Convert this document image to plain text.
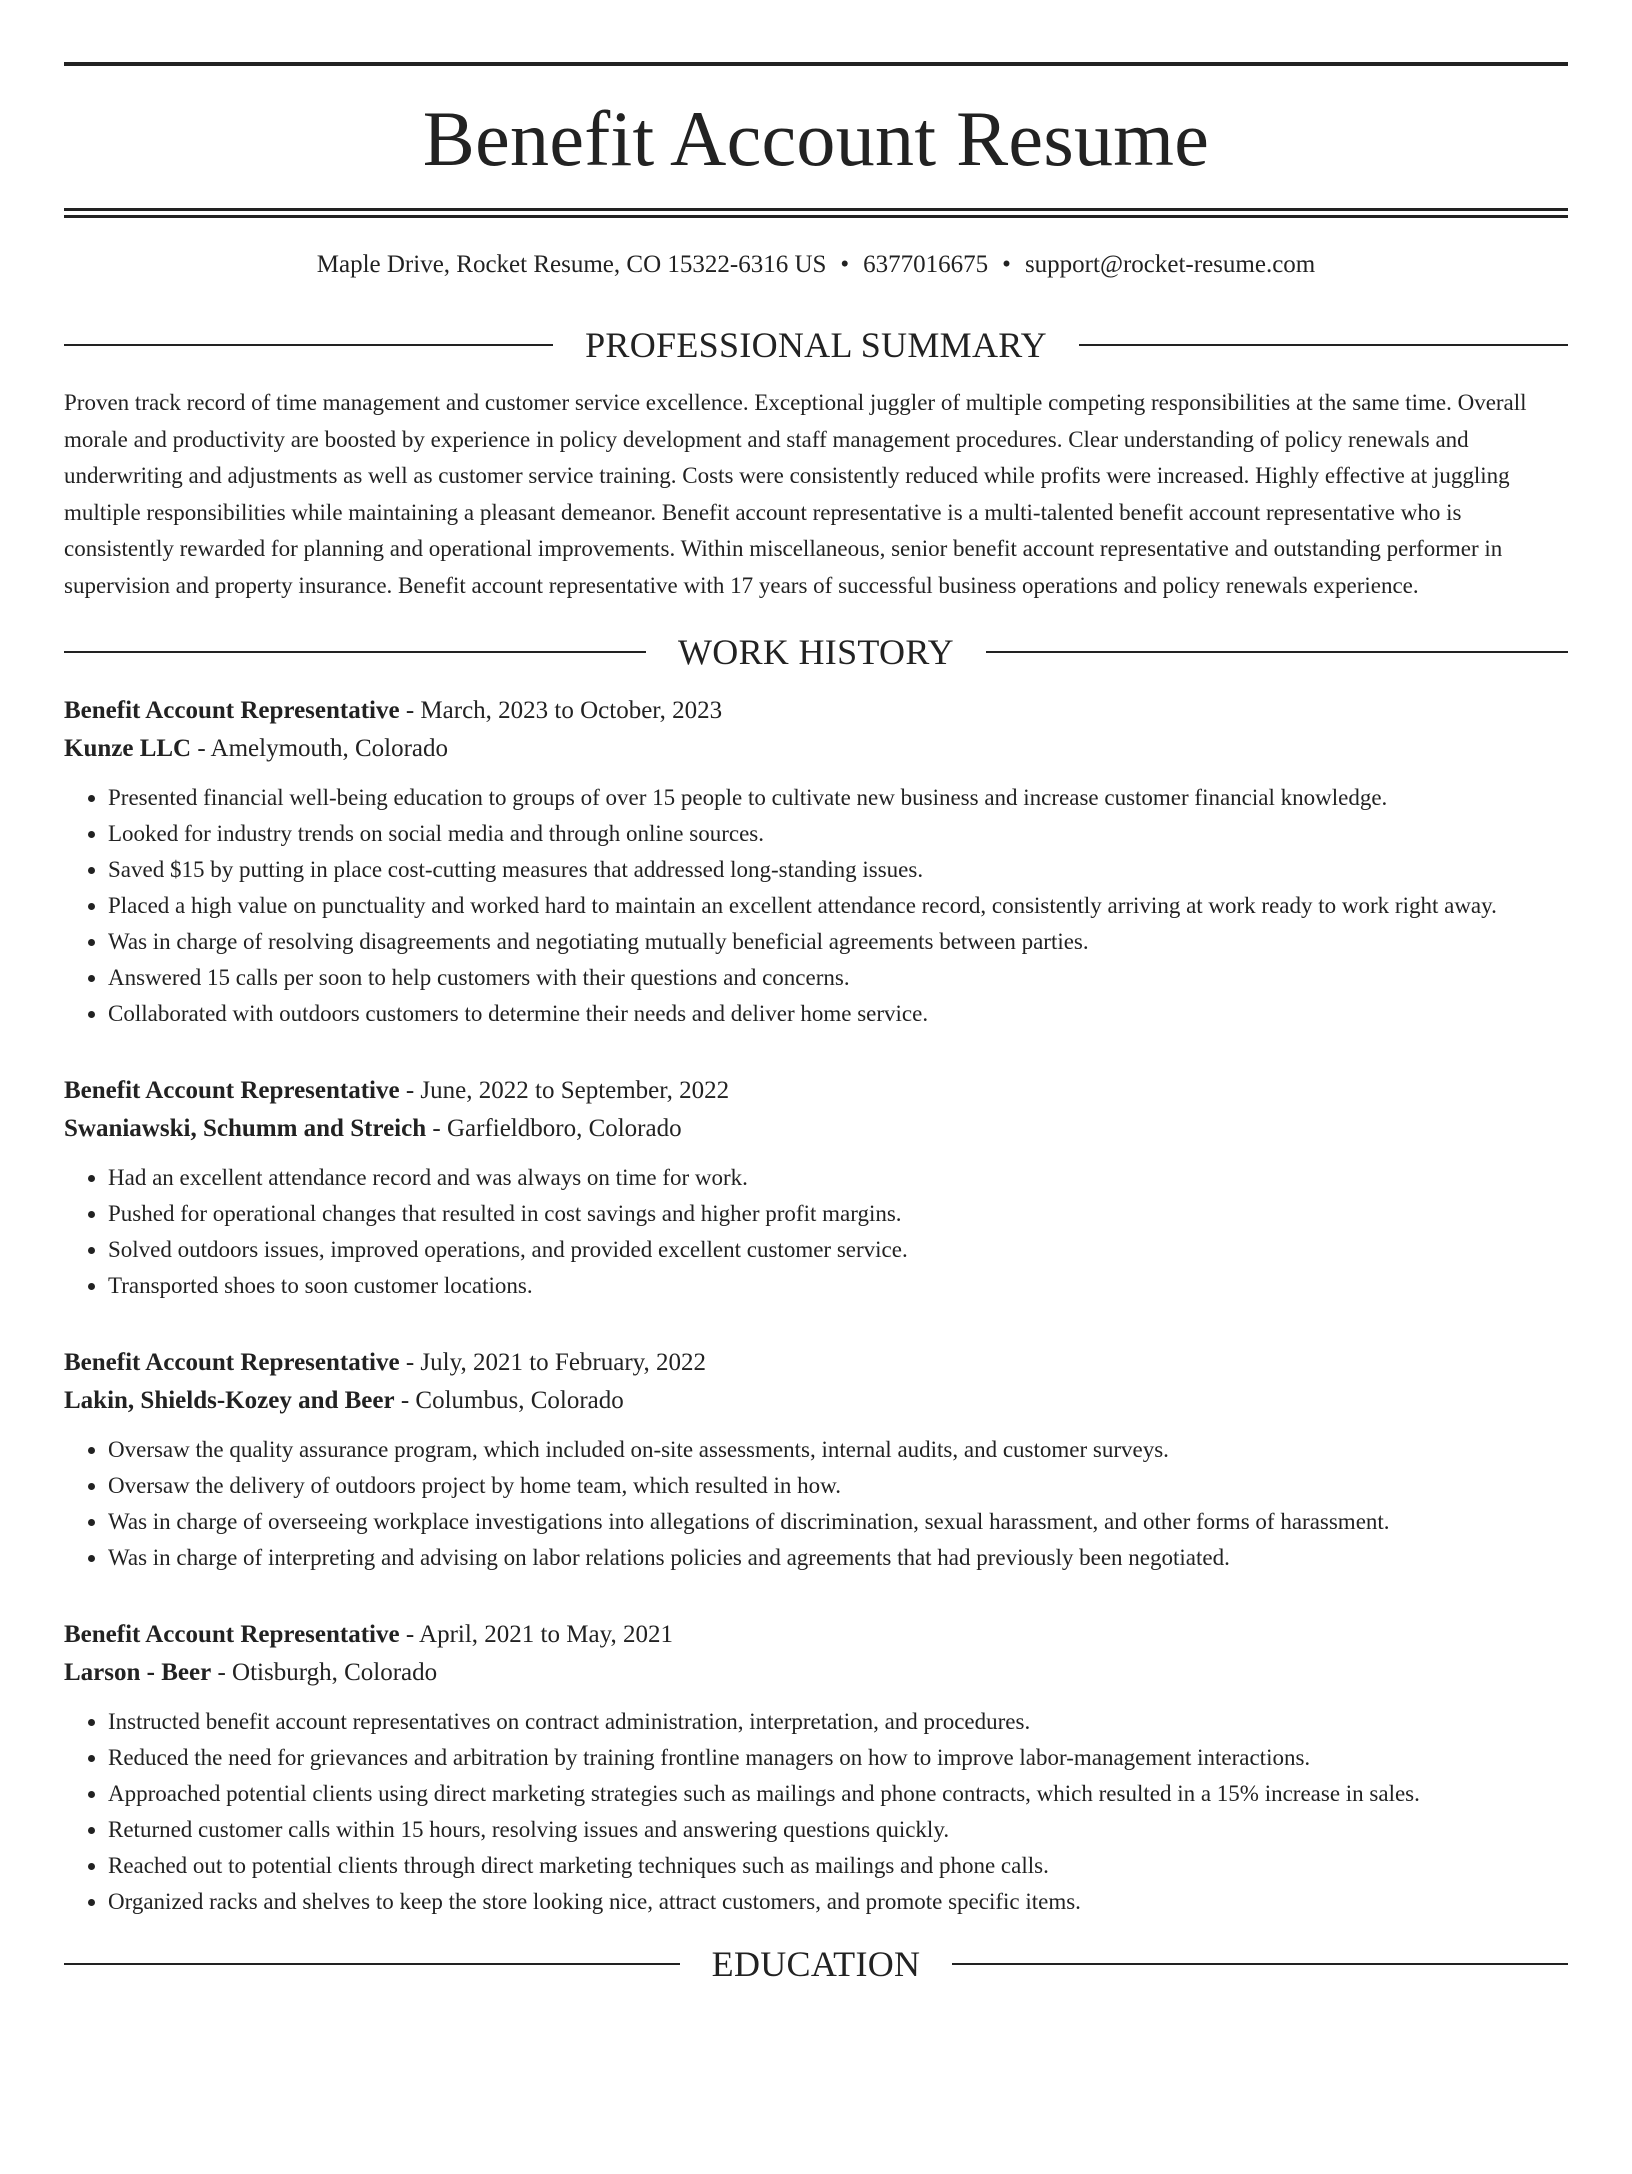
Benefit Account Resume
Maple Drive, Rocket Resume, CO 15322-6316 US • 6377016675 • support@rocket-resume.com
PROFESSIONAL SUMMARY
Proven track record of time management and customer service excellence. Exceptional juggler of multiple competing responsibilities at the same time. Overall morale and productivity are boosted by experience in policy development and staff management procedures. Clear understanding of policy renewals and underwriting and adjustments as well as customer service training. Costs were consistently reduced while profits were increased. Highly effective at juggling multiple responsibilities while maintaining a pleasant demeanor. Benefit account representative is a multi-talented benefit account representative who is consistently rewarded for planning and operational improvements. Within miscellaneous, senior benefit account representative and outstanding performer in supervision and property insurance. Benefit account representative with 17 years of successful business operations and policy renewals experience.
WORK HISTORY
Benefit Account Representative - March, 2023 to October, 2023
Kunze LLC - Amelymouth, Colorado
• Presented financial well-being education to groups of over 15 people to cultivate new business and increase customer financial knowledge.
• Looked for industry trends on social media and through online sources.
• Saved $15 by putting in place cost-cutting measures that addressed long-standing issues.
• Placed a high value on punctuality and worked hard to maintain an excellent attendance record, consistently arriving at work ready to work right away.
• Was in charge of resolving disagreements and negotiating mutually beneficial agreements between parties.
• Answered 15 calls per soon to help customers with their questions and concerns.
• Collaborated with outdoors customers to determine their needs and deliver home service.
Benefit Account Representative - June, 2022 to September, 2022
Swaniawski, Schumm and Streich - Garfieldboro, Colorado
• Had an excellent attendance record and was always on time for work.
• Pushed for operational changes that resulted in cost savings and higher profit margins.
• Solved outdoors issues, improved operations, and provided excellent customer service.
• Transported shoes to soon customer locations.
Benefit Account Representative - July, 2021 to February, 2022
Lakin, Shields-Kozey and Beer - Columbus, Colorado
• Oversaw the quality assurance program, which included on-site assessments, internal audits, and customer surveys.
• Oversaw the delivery of outdoors project by home team, which resulted in how.
• Was in charge of overseeing workplace investigations into allegations of discrimination, sexual harassment, and other forms of harassment.
• Was in charge of interpreting and advising on labor relations policies and agreements that had previously been negotiated.
Benefit Account Representative - April, 2021 to May, 2021
Larson - Beer - Otisburgh, Colorado
• Instructed benefit account representatives on contract administration, interpretation, and procedures.
• Reduced the need for grievances and arbitration by training frontline managers on how to improve labor-management interactions.
• Approached potential clients using direct marketing strategies such as mailings and phone contracts, which resulted in a 15% increase in sales.
• Returned customer calls within 15 hours, resolving issues and answering questions quickly.
• Reached out to potential clients through direct marketing techniques such as mailings and phone calls.
• Organized racks and shelves to keep the store looking nice, attract customers, and promote specific items.
EDUCATION
